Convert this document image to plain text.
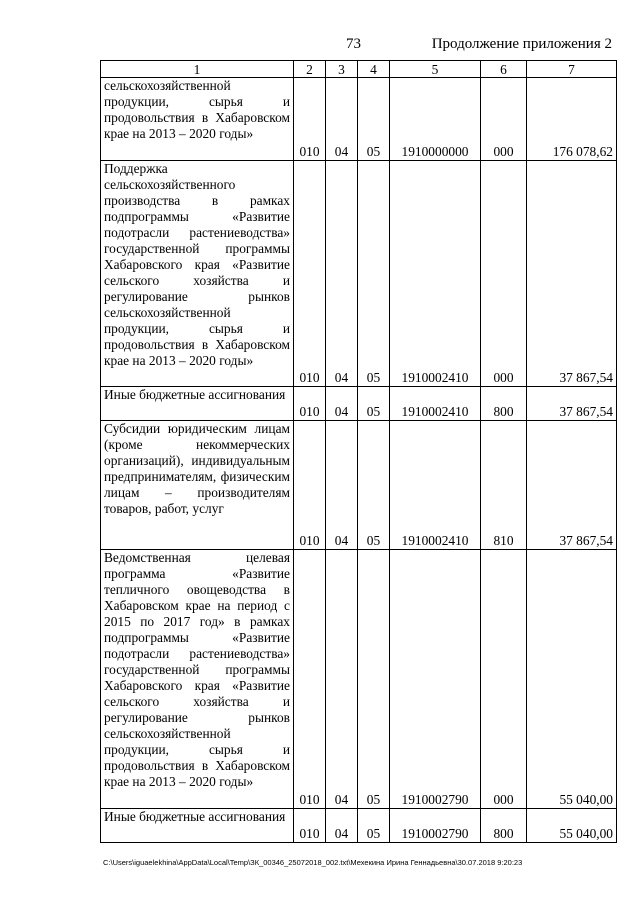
73	Продолжение приложения 2
1	2	3	4	5	6	7
сельскохозяйственной продукции, сырья и продовольствия в Хабаровском крае на 2013 – 2020 годы»	010	04	05	1910000000	000	176 078,62
Поддержка сельскохозяйственного производства в рамках подпрограммы «Развитие подотрасли растениеводства» государственной программы Хабаровского края «Развитие сельского хозяйства и регулирование рынков сельскохозяйственной продукции, сырья и продовольствия в Хабаровском крае на 2013 – 2020 годы»	010	04	05	1910002410	000	37 867,54
Иные бюджетные ассигнования	010	04	05	1910002410	800	37 867,54
Субсидии юридическим лицам (кроме некоммерческих организаций), индивидуальным предпринимателям, физическим лицам – производителям товаров, работ, услуг	010	04	05	1910002410	810	37 867,54
Ведомственная целевая программа «Развитие тепличного овощеводства в Хабаровском крае на период с 2015 по 2017 год» в рамках подпрограммы «Развитие подотрасли растениеводства» государственной программы Хабаровского края «Развитие сельского хозяйства и регулирование рынков сельскохозяйственной продукции, сырья и продовольствия в Хабаровском крае на 2013 – 2020 годы»	010	04	05	1910002790	000	55 040,00
Иные бюджетные ассигнования	010	04	05	1910002790	800	55 040,00
C:\Users\iguaelekhina\AppData\Local\Temp\ЗК_00346_25072018_002.txt\Мехекина Ирина Геннадьевна\30.07.2018 9:20:23
